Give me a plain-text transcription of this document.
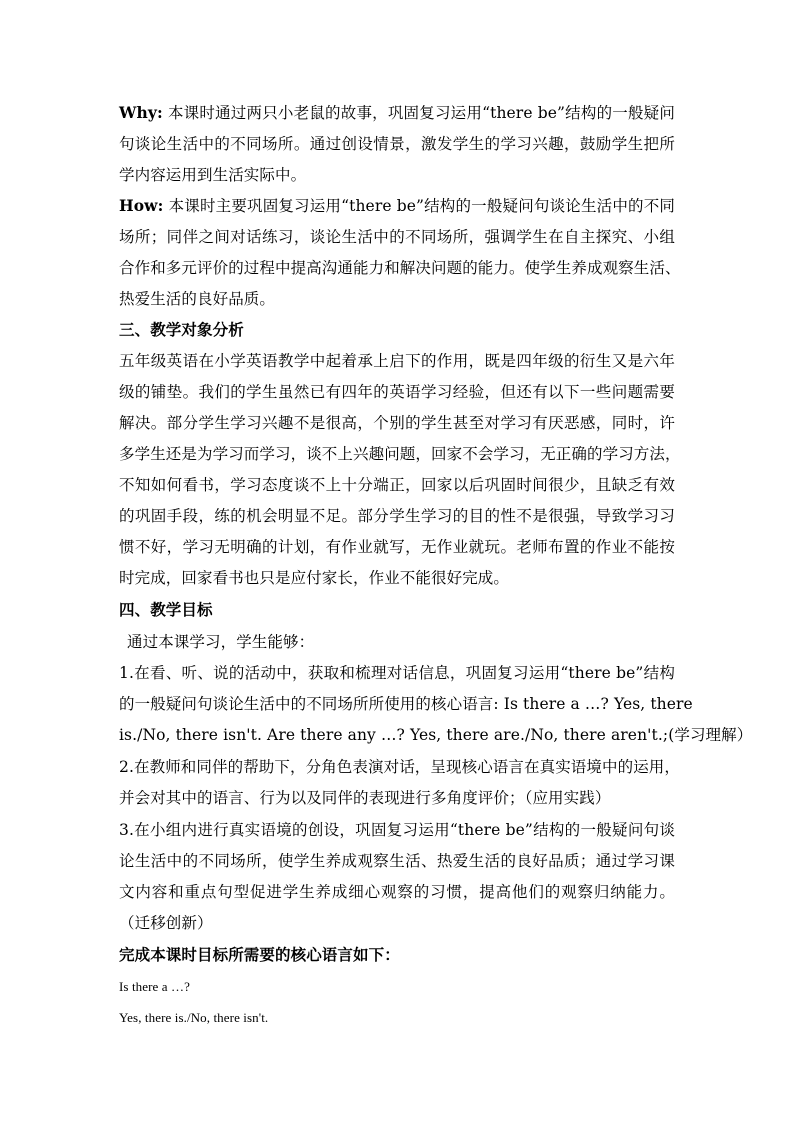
Why: 本课时通过两只小老鼠的故事，巩固复习运用“there be”结构的一般疑问
句谈论生活中的不同场所。通过创设情景，激发学生的学习兴趣，鼓励学生把所
学内容运用到生活实际中。
How: 本课时主要巩固复习运用“there be”结构的一般疑问句谈论生活中的不同
场所；同伴之间对话练习，谈论生活中的不同场所，强调学生在自主探究、小组
合作和多元评价的过程中提高沟通能力和解决问题的能力。使学生养成观察生活、
热爱生活的良好品质。
三、教学对象分析
五年级英语在小学英语教学中起着承上启下的作用，既是四年级的衍生又是六年
级的铺垫。我们的学生虽然已有四年的英语学习经验，但还有以下一些问题需要
解决。部分学生学习兴趣不是很高，个别的学生甚至对学习有厌恶感，同时，许
多学生还是为学习而学习，谈不上兴趣问题，回家不会学习，无正确的学习方法，
不知如何看书，学习态度谈不上十分端正，回家以后巩固时间很少，且缺乏有效
的巩固手段，练的机会明显不足。部分学生学习的目的性不是很强，导致学习习
惯不好，学习无明确的计划，有作业就写，无作业就玩。老师布置的作业不能按
时完成，回家看书也只是应付家长，作业不能很好完成。
四、教学目标
通过本课学习，学生能够：
1.在看、听、说的活动中，获取和梳理对话信息，巩固复习运用“there be”结构
的一般疑问句谈论生活中的不同场所所使用的核心语言: Is there a …? Yes, there
is./No, there isn't. Are there any …? Yes, there are./No, there aren't.;(学习理解）
2.在教师和同伴的帮助下，分角色表演对话，呈现核心语言在真实语境中的运用，
并会对其中的语言、行为以及同伴的表现进行多角度评价；（应用实践）
3.在小组内进行真实语境的创设，巩固复习运用“there be”结构的一般疑问句谈
论生活中的不同场所，使学生养成观察生活、热爱生活的良好品质；通过学习课
文内容和重点句型促进学生养成细心观察的习惯，提高他们的观察归纳能力。
（迁移创新）
完成本课时目标所需要的核心语言如下：
Is there a …?
Yes, there is./No, there isn't.
